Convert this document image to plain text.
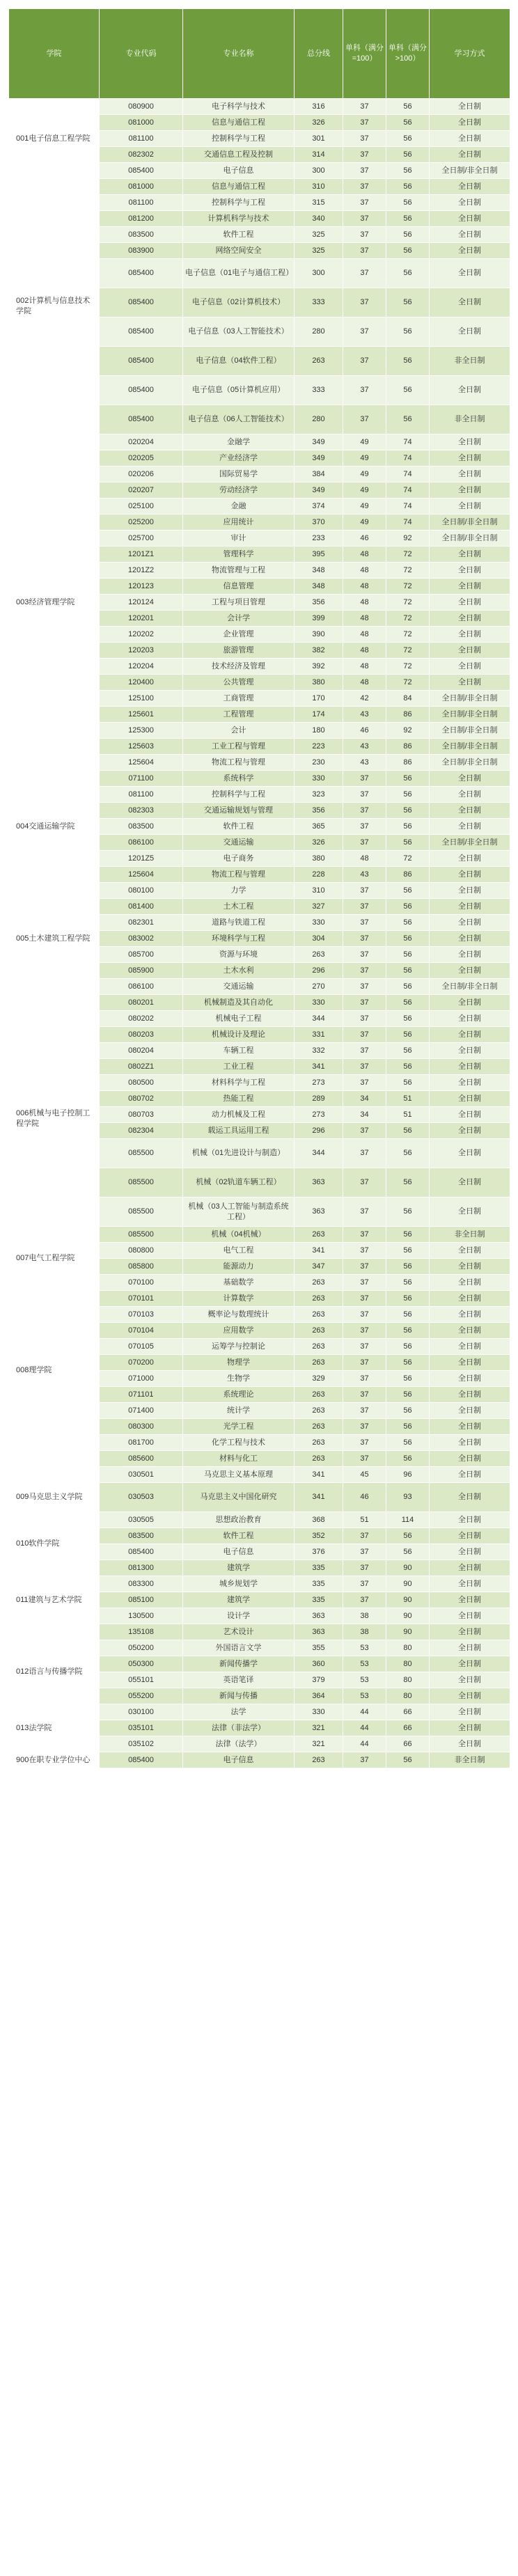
学院	专业代码	专业名称	总分线	单科（满分=100）	单科（满分>100）	学习方式
001电子信息工程学院	080900	电子科学与技术	316	37	56	全日制
	081000	信息与通信工程	326	37	56	全日制
	081100	控制科学与工程	301	37	56	全日制
	082302	交通信息工程及控制	314	37	56	全日制
	085400	电子信息	300	37	56	全日制/非全日制
002计算机与信息技术学院	081000	信息与通信工程	310	37	56	全日制
	081100	控制科学与工程	315	37	56	全日制
	081200	计算机科学与技术	340	37	56	全日制
	083500	软件工程	325	37	56	全日制
	083900	网络空间安全	325	37	56	全日制
	085400	电子信息（01电子与通信工程）	300	37	56	全日制
	085400	电子信息（02计算机技术）	333	37	56	全日制
	085400	电子信息（03人工智能技术）	280	37	56	全日制
	085400	电子信息（04软件工程）	263	37	56	非全日制
	085400	电子信息（05计算机应用）	333	37	56	全日制
	085400	电子信息（06人工智能技术）	280	37	56	非全日制
003经济管理学院	020204	金融学	349	49	74	全日制
	020205	产业经济学	349	49	74	全日制
	020206	国际贸易学	384	49	74	全日制
	020207	劳动经济学	349	49	74	全日制
	025100	金融	374	49	74	全日制
	025200	应用统计	370	49	74	全日制/非全日制
	025700	审计	233	46	92	全日制/非全日制
	1201Z1	管理科学	395	48	72	全日制
	1201Z2	物流管理与工程	348	48	72	全日制
	120123	信息管理	348	48	72	全日制
	120124	工程与项目管理	356	48	72	全日制
	120201	会计学	399	48	72	全日制
	120202	企业管理	390	48	72	全日制
	120203	旅游管理	382	48	72	全日制
	120204	技术经济及管理	392	48	72	全日制
	120400	公共管理	380	48	72	全日制
	125100	工商管理	170	42	84	全日制/非全日制
	125601	工程管理	174	43	86	全日制/非全日制
	125300	会计	180	46	92	全日制/非全日制
	125603	工业工程与管理	223	43	86	全日制/非全日制
	125604	物流工程与管理	230	43	86	全日制/非全日制
004交通运输学院	071100	系统科学	330	37	56	全日制
	081100	控制科学与工程	323	37	56	全日制
	082303	交通运输规划与管理	356	37	56	全日制
	083500	软件工程	365	37	56	全日制
	086100	交通运输	326	37	56	全日制/非全日制
	1201Z5	电子商务	380	48	72	全日制
	125604	物流工程与管理	228	43	86	全日制
005土木建筑工程学院	080100	力学	310	37	56	全日制
	081400	土木工程	327	37	56	全日制
	082301	道路与铁道工程	330	37	56	全日制
	083002	环境科学与工程	304	37	56	全日制
	085700	资源与环境	263	37	56	全日制
	085900	土木水利	296	37	56	全日制
	086100	交通运输	270	37	56	全日制/非全日制
006机械与电子控制工程学院	080201	机械制造及其自动化	330	37	56	全日制
	080202	机械电子工程	344	37	56	全日制
	080203	机械设计及理论	331	37	56	全日制
	080204	车辆工程	332	37	56	全日制
	0802Z1	工业工程	341	37	56	全日制
	080500	材料科学与工程	273	37	56	全日制
	080702	热能工程	289	34	51	全日制
	080703	动力机械及工程	273	34	51	全日制
	082304	载运工具运用工程	296	37	56	全日制
	085500	机械（01先进设计与制造）	344	37	56	全日制
	085500	机械（02轨道车辆工程）	363	37	56	全日制
	085500	机械（03人工智能与制造系统工程）	363	37	56	全日制
	085500	机械（04机械）	263	37	56	非全日制
007电气工程学院	080800	电气工程	341	37	56	全日制
	085800	能源动力	347	37	56	全日制
008理学院	070100	基础数学	263	37	56	全日制
	070101	计算数学	263	37	56	全日制
	070103	概率论与数理统计	263	37	56	全日制
	070104	应用数学	263	37	56	全日制
	070105	运筹学与控制论	263	37	56	全日制
	070200	物理学	263	37	56	全日制
	071000	生物学	329	37	56	全日制
	071101	系统理论	263	37	56	全日制
	071400	统计学	263	37	56	全日制
	080300	光学工程	263	37	56	全日制
	081700	化学工程与技术	263	37	56	全日制
	085600	材料与化工	263	37	56	全日制
009马克思主义学院	030501	马克思主义基本原理	341	45	96	全日制
	030503	马克思主义中国化研究	341	46	93	全日制
	030505	思想政治教育	368	51	114	全日制
010软件学院	083500	软件工程	352	37	56	全日制
	085400	电子信息	376	37	56	全日制
011建筑与艺术学院	081300	建筑学	335	37	90	全日制
	083300	城乡规划学	335	37	90	全日制
	085100	建筑学	335	37	90	全日制
	130500	设计学	363	38	90	全日制
	135108	艺术设计	363	38	90	全日制
012语言与传播学院	050200	外国语言文学	355	53	80	全日制
	050300	新闻传播学	360	53	80	全日制
	055101	英语笔译	379	53	80	全日制
	055200	新闻与传播	364	53	80	全日制
013法学院	030100	法学	330	44	66	全日制
	035101	法律（非法学）	321	44	66	全日制
	035102	法律（法学）	321	44	66	全日制
900在职专业学位中心	085400	电子信息	263	37	56	非全日制
